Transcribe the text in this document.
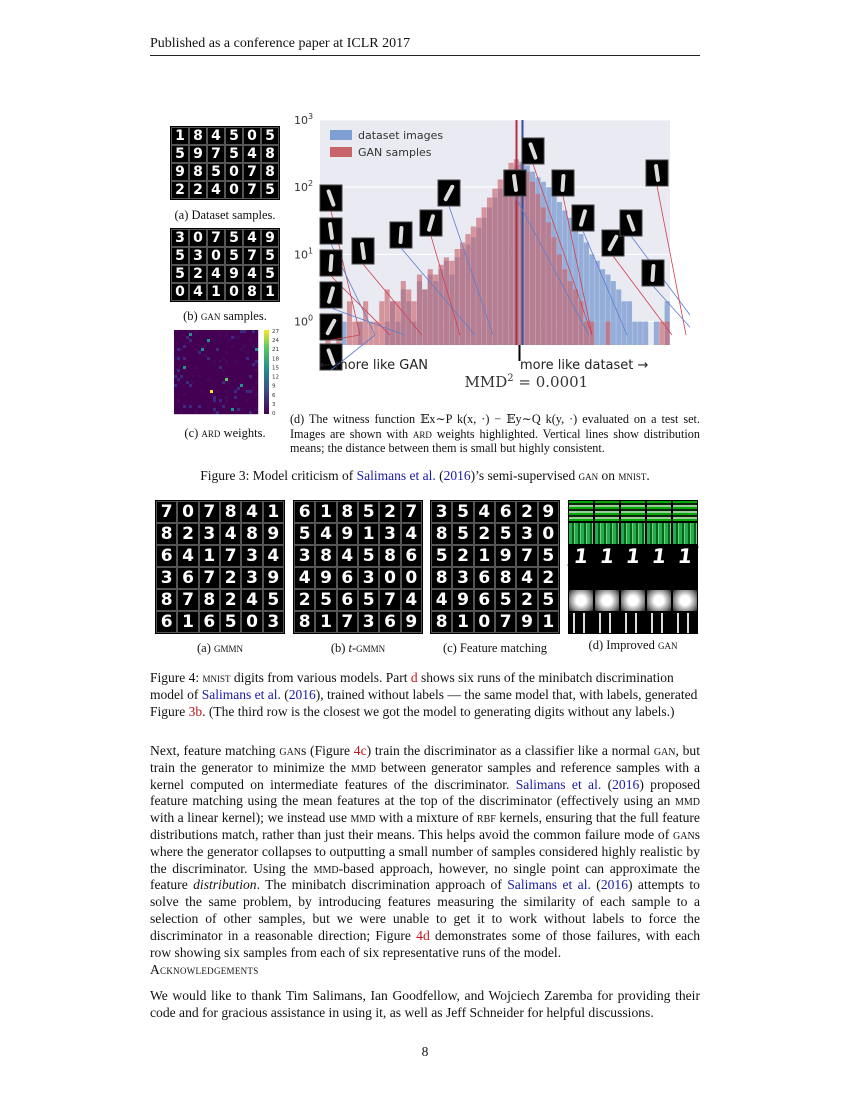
Published as a conference paper at ICLR 2017
1 8 4 5 0 5
5 9 7 5 4 8
9 8 5 0 7 8
2 2 4 0 7 5
(a) Dataset samples.
3 0 7 5 4 9
5 3 0 5 7 5
5 2 4 9 4 5
0 4 1 0 8 1
(b) gan samples.
27
24
21
18
15
12
9
6
3
0
(c) ard weights.
$10^3$
$10^2$
$10^1$
$10^0$
dataset images
GAN samples
← more like GAN	more like dataset →
$MMD^2 = 0.0001$
(d) The witness function 𝔼x∼P k(x, ·) − 𝔼y∼Q k(y, ·) evaluated on a test set. Images are shown with ard weights highlighted. Vertical lines show distribution means; the distance between them is small but highly consistent.
Figure 3: Model criticism of Salimans et al. (2016)’s semi-supervised gan on mnist.
7 0 7 8 4 1
8 2 3 4 8 9
6 4 1 7 3 4
3 6 7 2 3 9
8 7 8 2 4 5
6 1 6 5 0 3
6 1 8 5 2 7
5 4 9 1 3 4
3 8 4 5 8 6
4 9 6 3 0 0
2 5 6 5 7 4
8 1 7 3 6 9
3 5 4 6 2 9
8 5 2 5 3 0
5 2 1 9 7 5
8 3 6 8 4 2
4 9 6 5 2 5
8 1 0 7 9 1
1 1 1 1 1
(a) gmmn	(b) t-gmmn	(c) Feature matching	(d) Improved gan
Figure 4: mnist digits from various models. Part d shows six runs of the minibatch discrimination
model of Salimans et al. (2016), trained without labels — the same model that, with labels, generated
Figure 3b. (The third row is the closest we got the model to generating digits without any labels.)
Next, feature matching gans (Figure 4c) train the discriminator as a classifier like a normal gan, but train the generator to minimize the mmd between generator samples and reference samples with a kernel computed on intermediate features of the discriminator. Salimans et al. (2016) proposed feature matching using the mean features at the top of the discriminator (effectively using an mmd with a linear kernel); we instead use mmd with a mixture of rbf kernels, ensuring that the full feature distributions match, rather than just their means. This helps avoid the common failure mode of gans where the generator collapses to outputting a small number of samples considered highly realistic by the discriminator. Using the mmd-based approach, however, no single point can approximate the feature distribution. The minibatch discrimination approach of Salimans et al. (2016) attempts to solve the same problem, by introducing features measuring the similarity of each sample to a selection of other samples, but we were unable to get it to work without labels to force the discriminator in a reasonable direction; Figure 4d demonstrates some of those failures, with each row showing six samples from each of six representative runs of the model.
Acknowledgements
We would like to thank Tim Salimans, Ian Goodfellow, and Wojciech Zaremba for providing their code and for gracious assistance in using it, as well as Jeff Schneider for helpful discussions.
8
